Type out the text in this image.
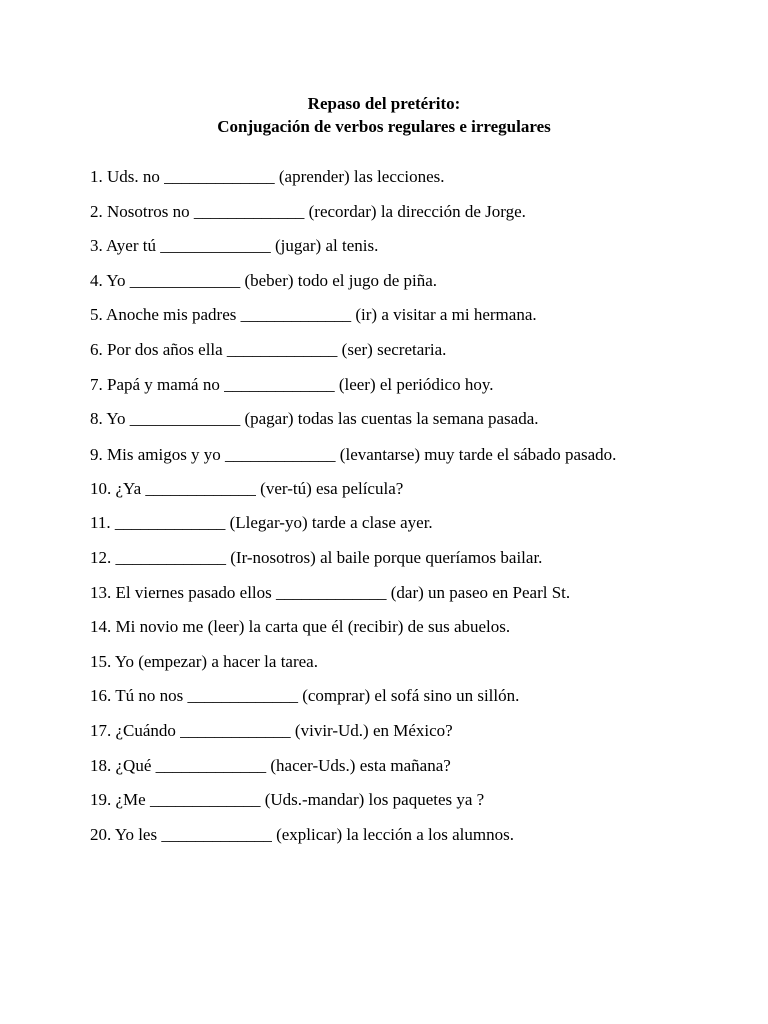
Repaso del pretérito:
Conjugación de verbos regulares e irregulares
1. Uds. no _____________ (aprender) las lecciones.
2. Nosotros no _____________ (recordar) la dirección de Jorge.
3. Ayer tú _____________ (jugar) al tenis.
4. Yo _____________ (beber) todo el jugo de piña.
5. Anoche mis padres _____________ (ir) a visitar a mi hermana.
6. Por dos años ella _____________ (ser) secretaria.
7. Papá y mamá no _____________ (leer) el periódico hoy.
8. Yo _____________ (pagar) todas las cuentas la semana pasada.
9. Mis amigos y yo _____________ (levantarse) muy tarde el sábado pasado.
10. ¿Ya _____________ (ver-tú) esa película?
11. _____________ (Llegar-yo) tarde a clase ayer.
12. _____________ (Ir-nosotros) al baile porque queríamos bailar.
13. El viernes pasado ellos _____________ (dar) un paseo en Pearl St.
14. Mi novio me (leer) la carta que él (recibir) de sus abuelos.
15. Yo (empezar) a hacer la tarea.
16. Tú no nos _____________ (comprar) el sofá sino un sillón.
17. ¿Cuándo _____________ (vivir-Ud.) en México?
18. ¿Qué _____________ (hacer-Uds.) esta mañana?
19. ¿Me _____________ (Uds.-mandar) los paquetes ya ?
20. Yo les _____________ (explicar) la lección a los alumnos.
